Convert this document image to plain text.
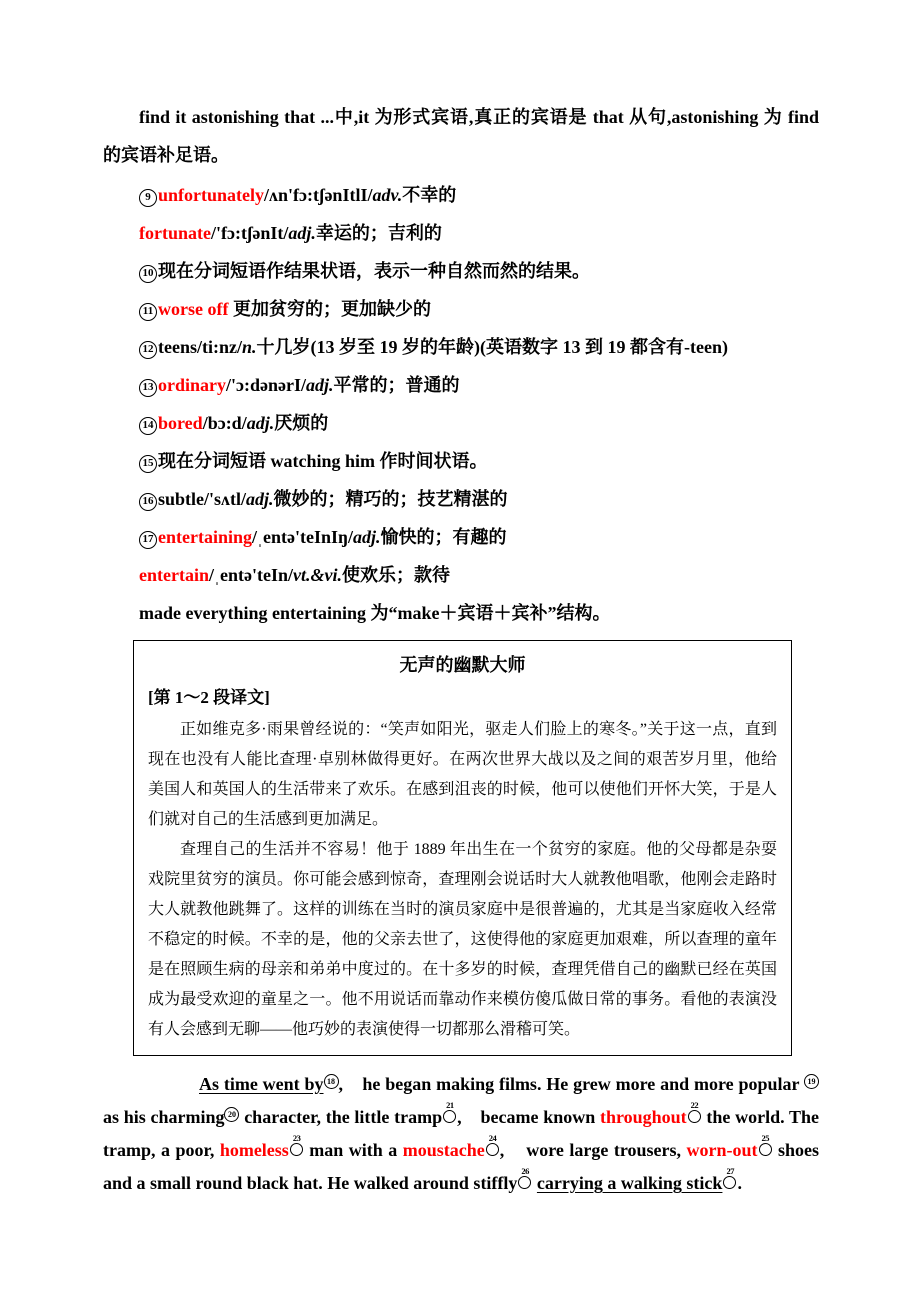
find it astonishing that ...中,it 为形式宾语,真正的宾语是 that 从句,astonishing 为 find 的宾语补足语。

9 unfortunately/ʌn'fɔ:tʃənItlI/adv.不幸的
fortunate/'fɔ:tʃənIt/adj.幸运的；吉利的
10 现在分词短语作结果状语，表示一种自然而然的结果。
11 worse off 更加贫穷的；更加缺少的
12 teens/ti:nz/n.十几岁(13 岁至 19 岁的年龄)(英语数字 13 到 19 都含有-teen)
13 ordinary/'ɔ:dənərI/adj.平常的；普通的
14 bored/bɔ:d/adj.厌烦的
15 现在分词短语 watching him 作时间状语。
16 subtle/'sʌtl/adj.微妙的；精巧的；技艺精湛的
17 entertaining/ˌentə'teInIŋ/adj.愉快的；有趣的
entertain/ˌentə'teIn/vt.&vi.使欢乐；款待
made everything entertaining 为“make＋宾语＋宾补”结构。
无声的幽默大师
[第 1～2 段译文]

正如维克多·雨果曾经说的：“笑声如阳光，驱走人们脸上的寒冬。”关于这一点，直到现在也没有人能比查理·卓别林做得更好。在两次世界大战以及之间的艰苦岁月里，他给美国人和英国人的生活带来了欢乐。在感到沮丧的时候，他可以使他们开怀大笑，于是人们就对自己的生活感到更加满足。

查理自己的生活并不容易！他于 1889 年出生在一个贫穷的家庭。他的父母都是杂耍戏院里贫穷的演员。你可能会感到惊奇，查理刚会说话时大人就教他唱歌，他刚会走路时大人就教他跳舞了。这样的训练在当时的演员家庭中是很普遍的，尤其是当家庭收入经常不稳定的时候。不幸的是，他的父亲去世了，这使得他的家庭更加艰难，所以查理的童年是在照顾生病的母亲和弟弟中度过的。在十多岁的时候，查理凭借自己的幽默已经在英国成为最受欢迎的童星之一。他不用说话而靠动作来模仿傻瓜做日常的事务。看他的表演没有人会感到无聊——他巧妙的表演使得一切都那么滑稽可笑。

As time went by 18 ,    he began making films. He grew more and more popular 19as his charming 20 character, the little tramp
21
,    became known throughout
22
the world. The tramp, a poor, homeless
23
man with a moustache
24
,    wore large trousers, worn-out
25
shoes and a small round black hat. He walked around stiffly
26
carrying a walking stick
27
.
